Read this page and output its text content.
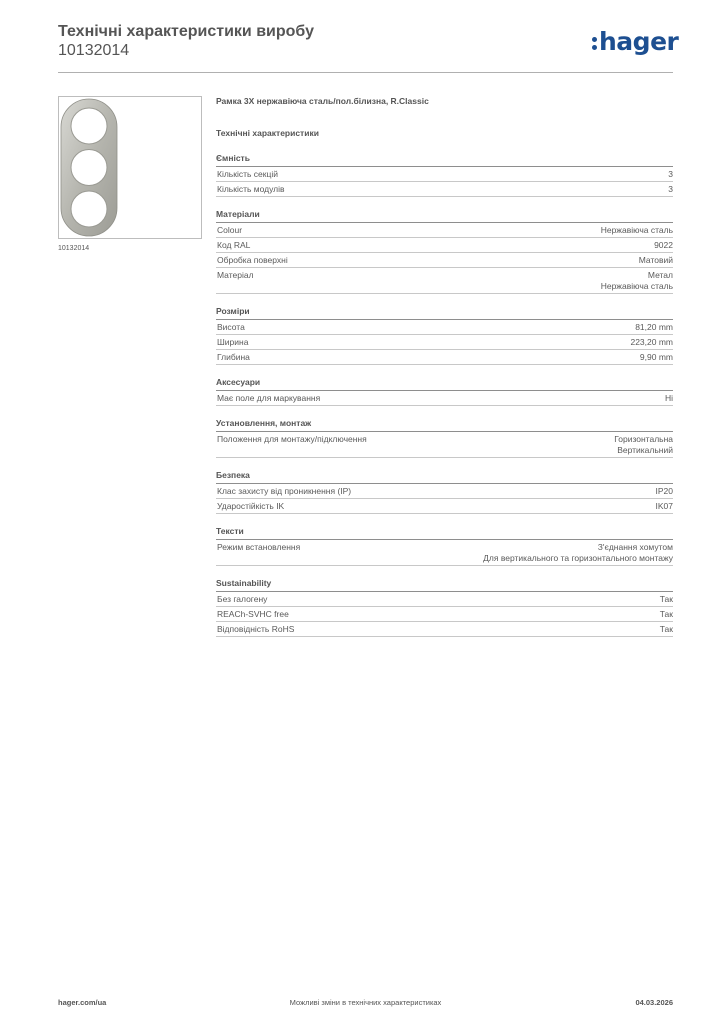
Технічні характеристики виробу
10132014	hager
10132014
Рамка 3Х нержавіюча сталь/пол.білизна, R.Classic
Технічні характеристики
Ємність
Кількість секцій	3
Кількість модулів	3
Матеріали
Colour	Нержавіюча сталь
Код RAL	9022
Обробка поверхні	Матовий
Матеріал	Метал
Нержавіюча сталь
Розміри
Висота	81,20 mm
Ширина	223,20 mm
Глибина	9,90 mm
Аксесуари
Має поле для маркування	Ні
Установлення, монтаж
Положення для монтажу/підключення	Горизонтальна
Вертикальний
Безпека
Клас захисту від проникнення (IP)	IP20
Ударостійкість IK	IK07
Тексти
Режим встановлення	З'єднання хомутом
Для вертикального та горизонтального монтажу
Sustainability
Без галогену	Так
REACh-SVHC free	Так
Відповідність RoHS	Так
hager.com/ua	Можливі зміни в технічних характеристиках	04.03.2026
